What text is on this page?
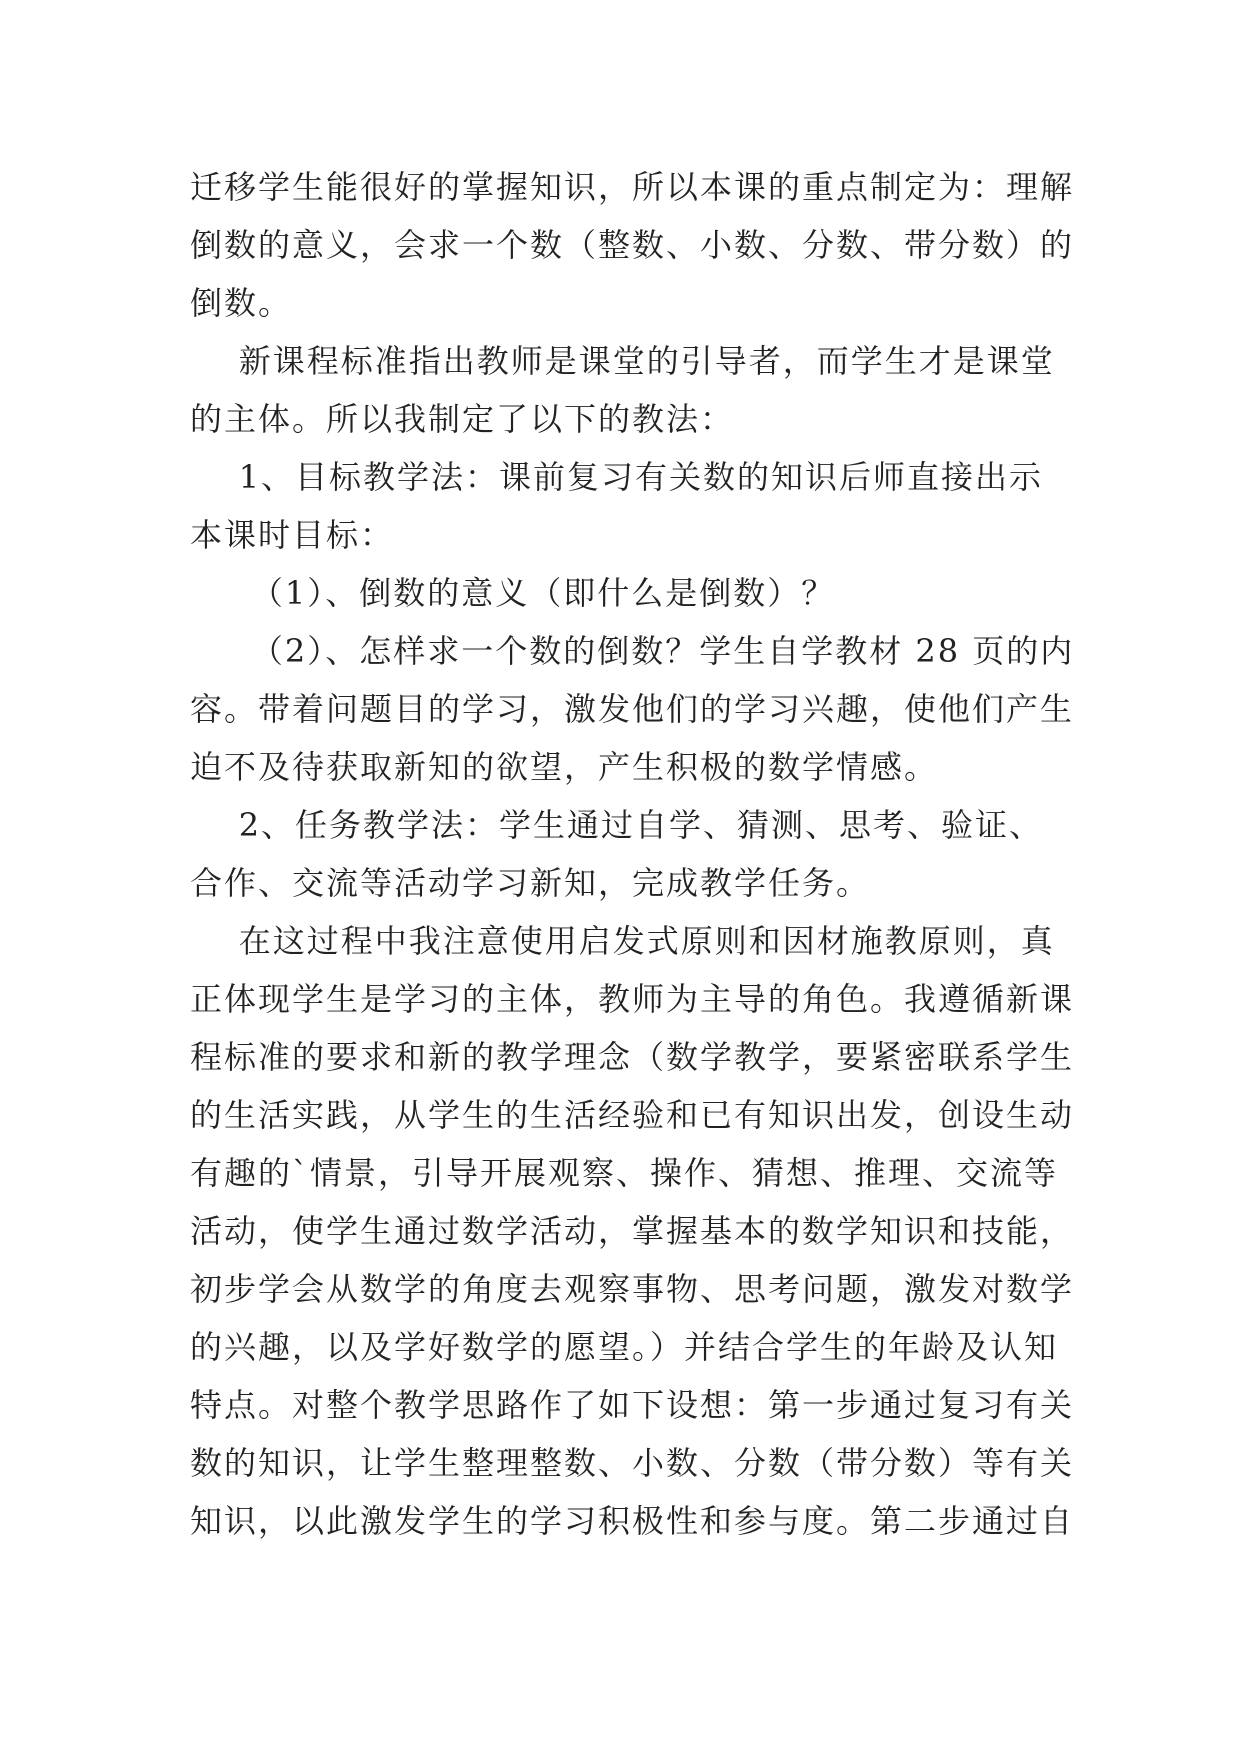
迁移学生能很好的掌握知识，所以本课的重点制定为：理解
倒数的意义，会求一个数（整数、小数、分数、带分数）的
倒数。

新课程标准指出教师是课堂的引导者，而学生才是课堂
的主体。所以我制定了以下的教法：

1、目标教学法：课前复习有关数的知识后师直接出示
本课时目标：

（1）、倒数的意义（即什么是倒数）？

（2）、怎样求一个数的倒数？学生自学教材 28 页的内
容。带着问题目的学习，激发他们的学习兴趣，使他们产生
迫不及待获取新知的欲望，产生积极的数学情感。

2、任务教学法：学生通过自学、猜测、思考、验证、
合作、交流等活动学习新知，完成教学任务。

在这过程中我注意使用启发式原则和因材施教原则，真
正体现学生是学习的主体，教师为主导的角色。我遵循新课
程标准的要求和新的教学理念（数学教学，要紧密联系学生
的生活实践，从学生的生活经验和已有知识出发，创设生动
有趣的`情景，引导开展观察、操作、猜想、推理、交流等
活动，使学生通过数学活动，掌握基本的数学知识和技能，
初步学会从数学的角度去观察事物、思考问题，激发对数学
的兴趣，以及学好数学的愿望。）并结合学生的年龄及认知
特点。对整个教学思路作了如下设想：第一步通过复习有关
数的知识，让学生整理整数、小数、分数（带分数）等有关
知识，以此激发学生的学习积极性和参与度。第二步通过自
